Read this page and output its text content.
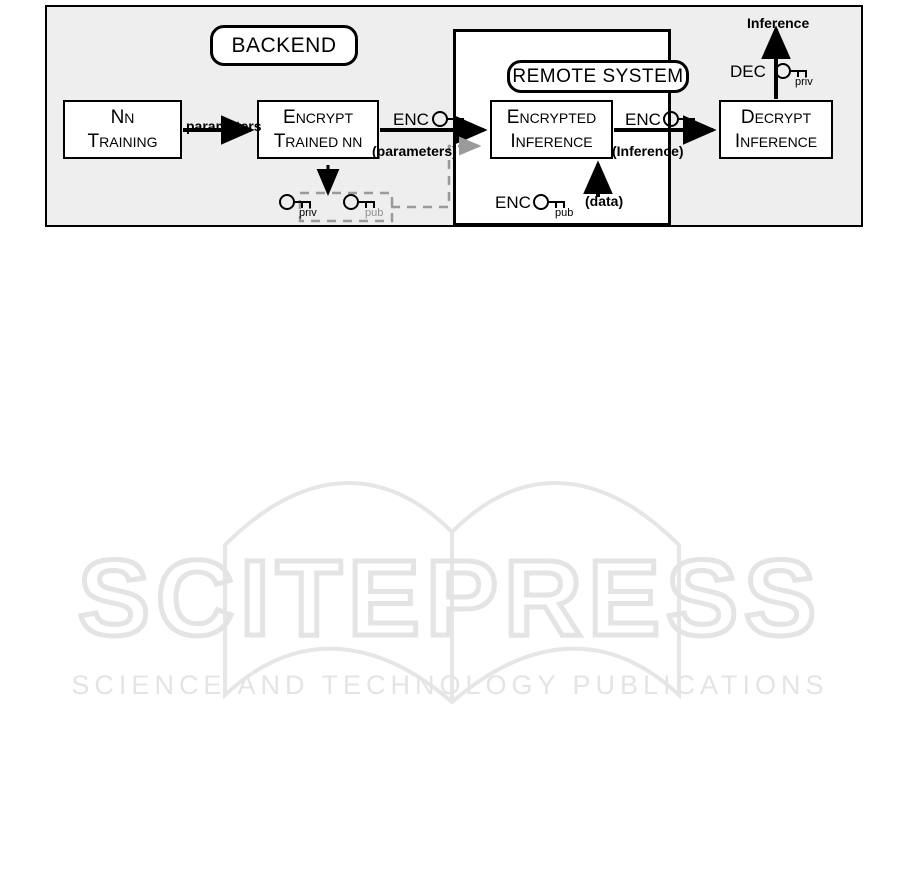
BACKEND
REMOTE SYSTEM
NN
TRAINING
ENCRYPT
TRAINED NN
ENCRYPTED
INFERENCE
DECRYPT
INFERENCE
parameters	ENC
(parameters)
ENC
(Inference)
ENC	(data)
DEC
Inference
pub	pub
pub
priv
priv	pub
SCITEPRESS
SCIENCE AND TECHNOLOGY PUBLICATIONS
